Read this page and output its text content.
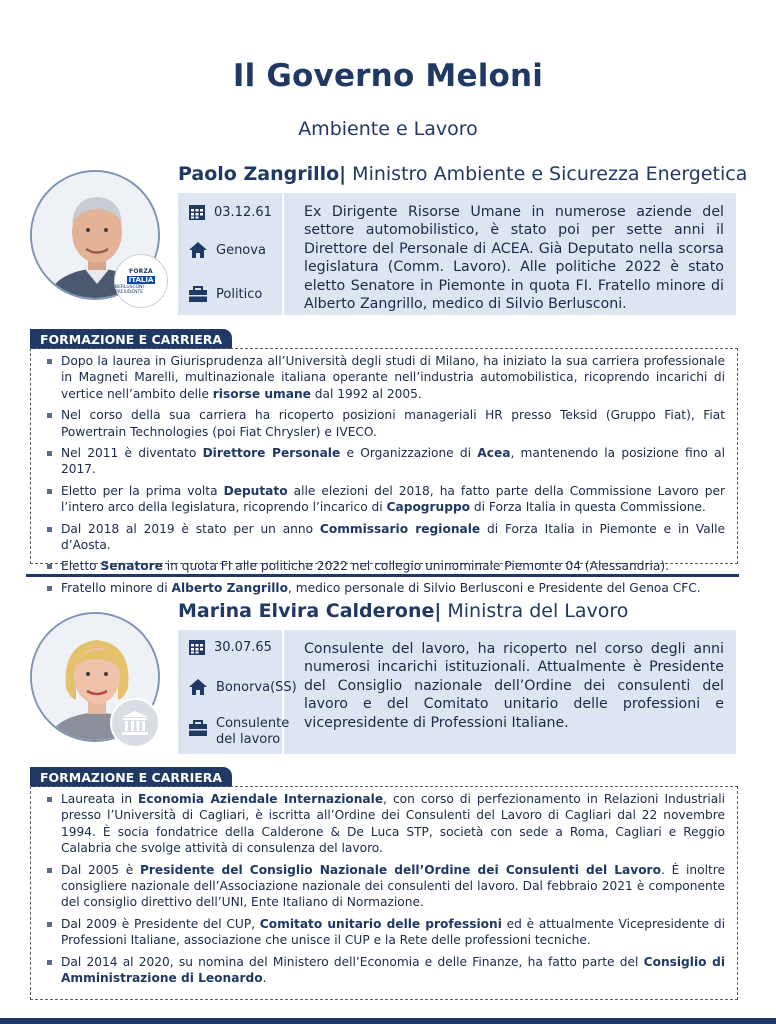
Il Governo Meloni
Ambiente e Lavoro
Paolo Zangrillo| Ministro Ambiente e Sicurezza Energetica
FORZA
ITALIA
BERLUSCONI PRESIDENTE
03.12.61
Genova
Politico
Ex Dirigente Risorse Umane in numerose aziende del settore automobilistico, è stato poi per sette anni il Direttore del Personale di ACEA. Già Deputato nella scorsa legislatura (Comm. Lavoro). Alle politiche 2022 è stato eletto Senatore in Piemonte in quota FI. Fratello minore di Alberto Zangrillo, medico di Silvio Berlusconi.
FORMAZIONE E CARRIERA
Dopo la laurea in Giurisprudenza all’Università degli studi di Milano, ha iniziato la sua carriera professionale in Magneti Marelli, multinazionale italiana operante nell’industria automobilistica, ricoprendo incarichi di vertice nell’ambito delle risorse umane dal 1992 al 2005.
Nel corso della sua carriera ha ricoperto posizioni manageriali HR presso Teksid (Gruppo Fiat), Fiat Powertrain Technologies (poi Fiat Chrysler) e IVECO.
Nel 2011 è diventato Direttore Personale e Organizzazione di Acea, mantenendo la posizione fino al 2017.
Eletto per la prima volta Deputato alle elezioni del 2018, ha fatto parte della Commissione Lavoro per l’intero arco della legislatura, ricoprendo l’incarico di Capogruppo di Forza Italia in questa Commissione.
Dal 2018 al 2019 è stato per un anno Commissario regionale di Forza Italia in Piemonte e in Valle d’Aosta.
Eletto Senatore in quota FI alle politiche 2022 nel collegio uninominale Piemonte 04 (Alessandria).
Fratello minore di Alberto Zangrillo, medico personale di Silvio Berlusconi e Presidente del Genoa CFC.
Marina Elvira Calderone| Ministra del Lavoro
30.07.65
Bonorva(SS)
Consulente
del lavoro
Consulente del lavoro, ha ricoperto nel corso degli anni numerosi incarichi istituzionali. Attualmente è Presidente del Consiglio nazionale dell’Ordine dei consulenti del lavoro e del Comitato unitario delle professioni e vicepresidente di Professioni Italiane.
FORMAZIONE E CARRIERA
Laureata in Economia Aziendale Internazionale, con corso di perfezionamento in Relazioni Industriali presso l’Università di Cagliari, è iscritta all’Ordine dei Consulenti del Lavoro di Cagliari dal 22 novembre 1994. È socia fondatrice della Calderone & De Luca STP, società con sede a Roma, Cagliari e Reggio Calabria che svolge attività di consulenza del lavoro.
Dal 2005 è Presidente del Consiglio Nazionale dell’Ordine dei Consulenti del Lavoro. È inoltre consigliere nazionale dell’Associazione nazionale dei consulenti del lavoro. Dal febbraio 2021 è componente del consiglio direttivo dell’UNI, Ente Italiano di Normazione.
Dal 2009 è Presidente del CUP, Comitato unitario delle professioni ed è attualmente Vicepresidente di Professioni Italiane, associazione che unisce il CUP e la Rete delle professioni tecniche.
Dal 2014 al 2020, su nomina del Ministero dell’Economia e delle Finanze, ha fatto parte del Consiglio di Amministrazione di Leonardo.
